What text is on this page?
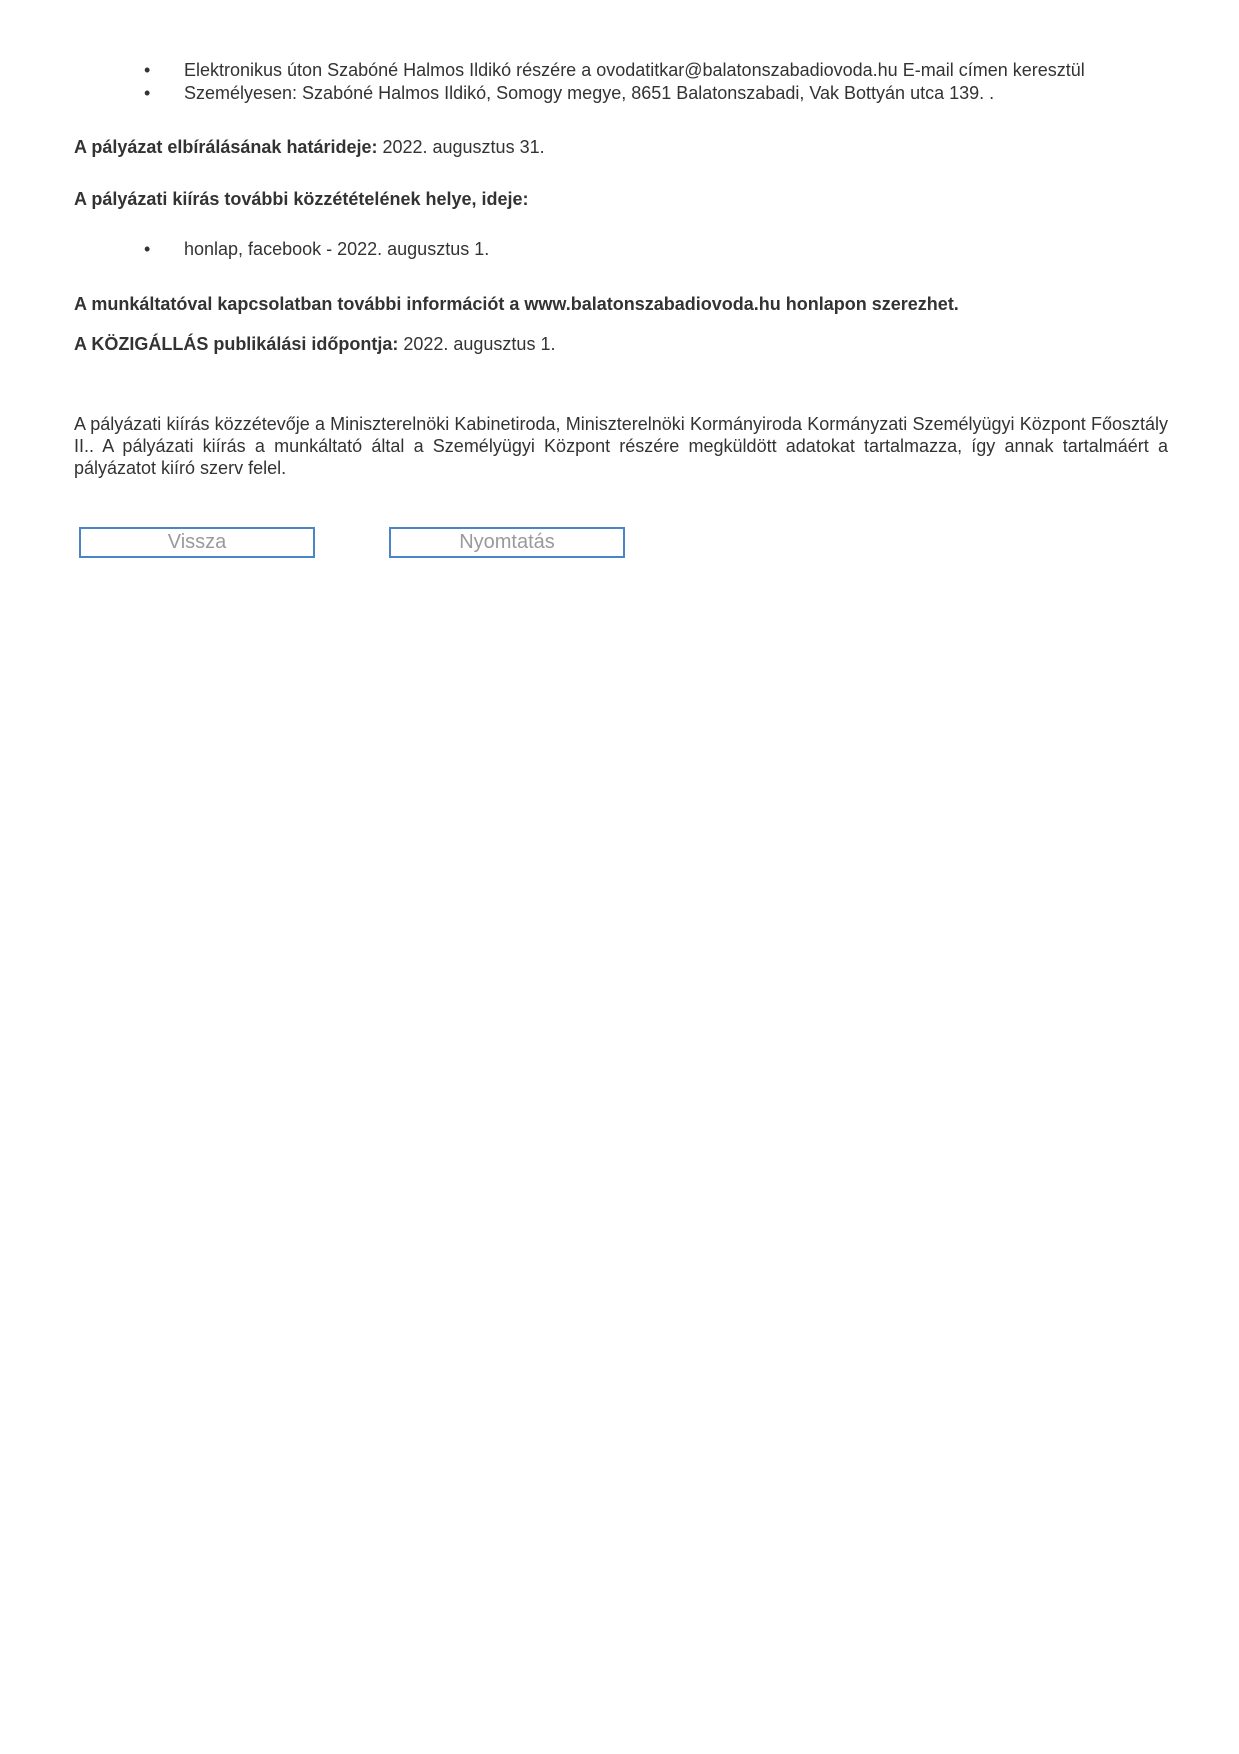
• Elektronikus úton Szabóné Halmos Ildikó részére a ovodatitkar@balatonszabadiovoda.hu E-mail címen keresztül
• Személyesen: Szabóné Halmos Ildikó, Somogy megye, 8651 Balatonszabadi, Vak Bottyán utca 139. .
A pályázat elbírálásának határideje: 2022. augusztus 31.
A pályázati kiírás további közzétételének helye, ideje:
• honlap, facebook - 2022. augusztus 1.
A munkáltatóval kapcsolatban további információt a www.balatonszabadiovoda.hu honlapon szerezhet.
A KÖZIGÁLLÁS publikálási időpontja: 2022. augusztus 1.
A pályázati kiírás közzétevője a Miniszterelnöki Kabinetiroda, Miniszterelnöki Kormányiroda Kormányzati Személyügyi Központ Főosztály II.. A pályázati kiírás a munkáltató által a Személyügyi Központ részére megküldött adatokat tartalmazza, így annak tartalmáért a pályázatot kiíró szerv felel.
Vissza	Nyomtatás
